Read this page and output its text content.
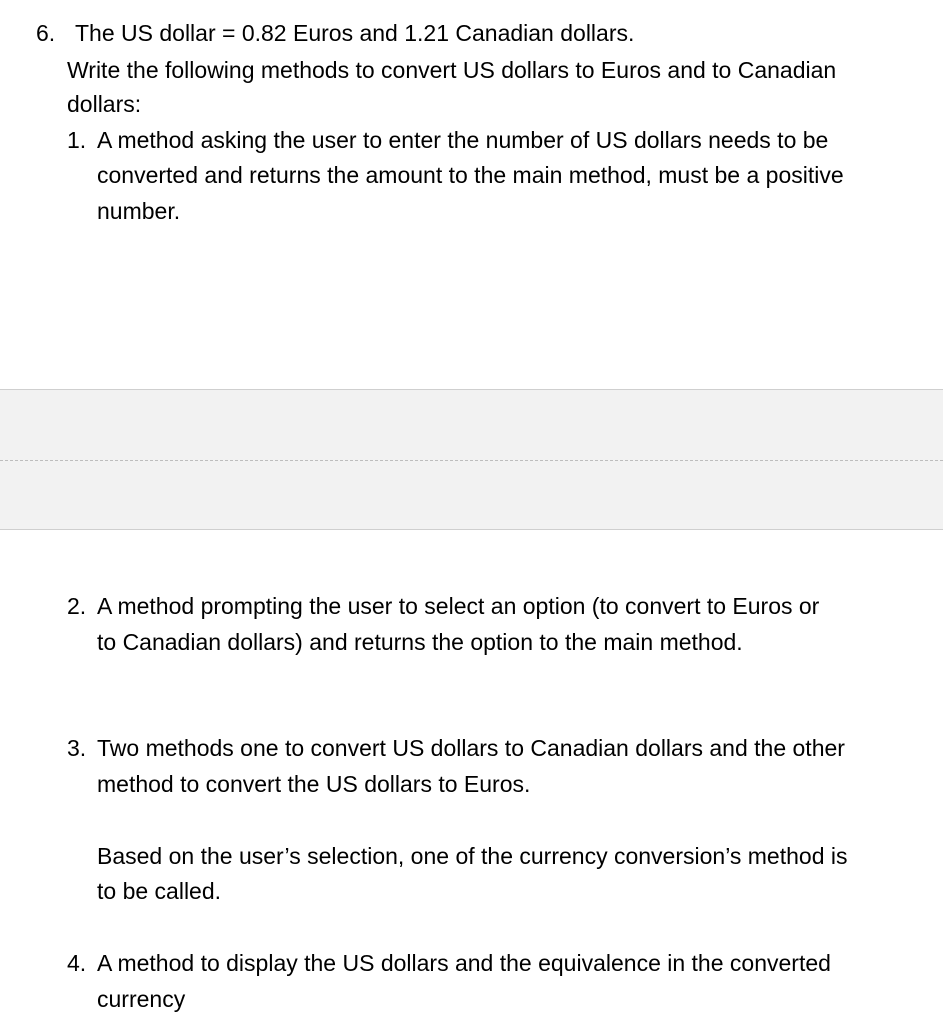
6. The US dollar = 0.82 Euros and 1.21 Canadian dollars.
Write the following methods to convert US dollars to Euros and to Canadian
dollars:
1. A method asking the user to enter the number of US dollars needs to be
converted and returns the amount to the main method, must be a positive
number.
2. A method prompting the user to select an option (to convert to Euros or
to Canadian dollars) and returns the option to the main method.
3. Two methods one to convert US dollars to Canadian dollars and the other
method to convert the US dollars to Euros.
Based on the user’s selection, one of the currency conversion’s method is
to be called.
4. A method to display the US dollars and the equivalence in the converted
currency
